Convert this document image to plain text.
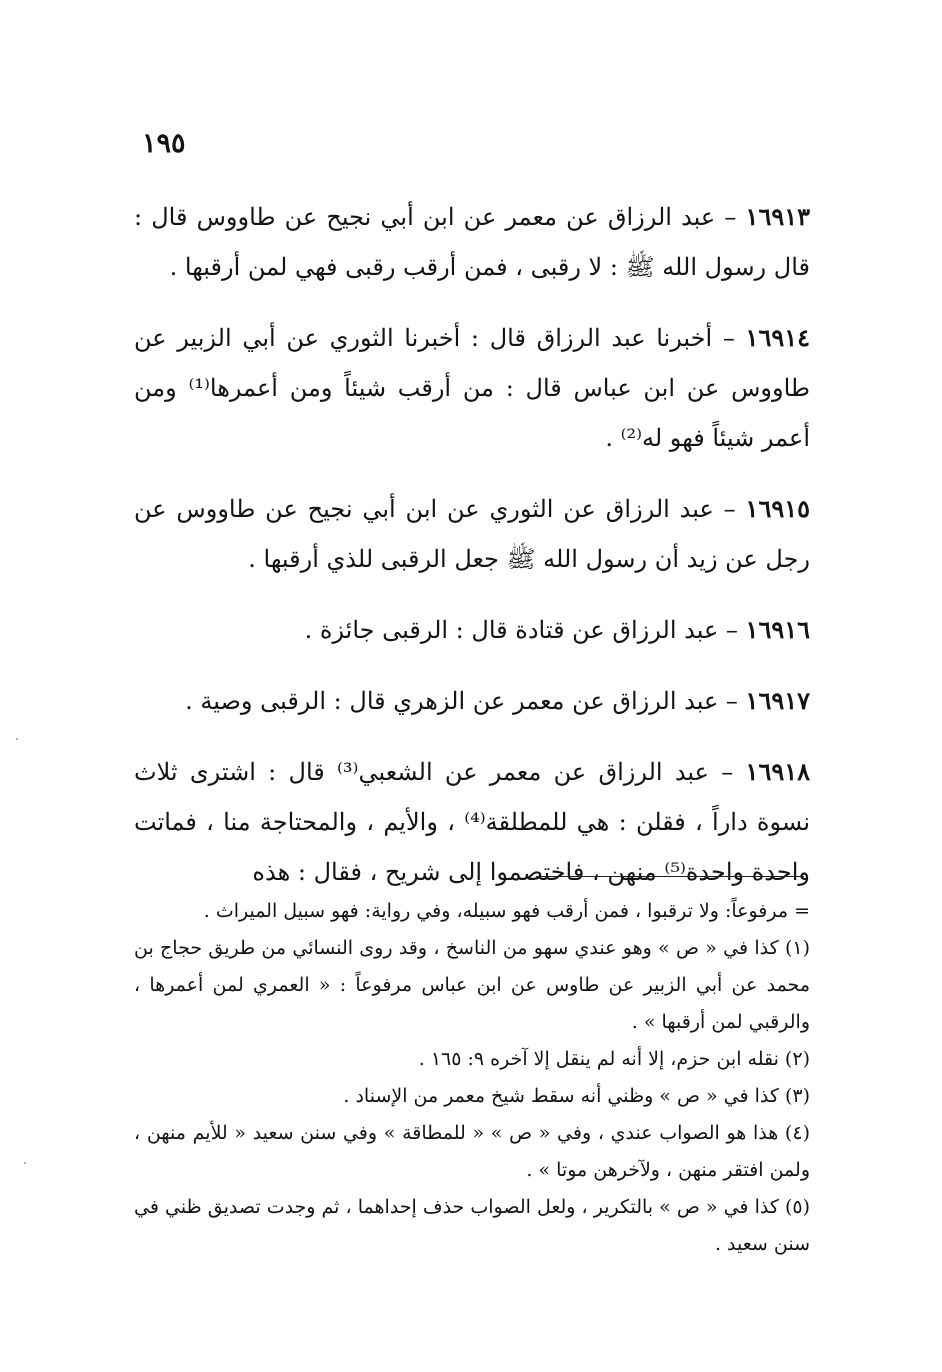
١٩٥

١٦٩١٣ – عبد الرزاق عن معمر عن ابن أبي نجيح عن طاووس قال : قال رسول الله ﷺ : لا رقبى ، فمن أرقب رقبى فهي لمن أرقبها .

١٦٩١٤ – أخبرنا عبد الرزاق قال : أخبرنا الثوري عن أبي الزبير عن طاووس عن ابن عباس قال : من أرقب شيئاً ومن أعمرها⁽¹⁾ ومن أعمر شيئاً فهو له⁽²⁾ .

١٦٩١٥ – عبد الرزاق عن الثوري عن ابن أبي نجيح عن طاووس عن رجل عن زيد أن رسول الله ﷺ جعل الرقبى للذي أرقبها .

١٦٩١٦ – عبد الرزاق عن قتادة قال : الرقبى جائزة .

١٦٩١٧ – عبد الرزاق عن معمر عن الزهري قال : الرقبى وصية .

١٦٩١٨ – عبد الرزاق عن معمر عن الشعبي⁽³⁾ قال : اشترى ثلاث نسوة داراً ، فقلن : هي للمطلقة⁽⁴⁾ ، والأيم ، والمحتاجة منا ، فماتت واحدة واحدة⁽⁵⁾ منهن ، فاختصموا إلى شريح ، فقال : هذه

= مرفوعاً: ولا ترقبوا ، فمن أرقب فهو سبيله، وفي رواية: فهو سبيل الميراث .

(١) كذا في « ص » وهو عندي سهو من الناسخ ، وقد روى النسائي من طريق حجاج بن محمد عن أبي الزبير عن طاوس عن ابن عباس مرفوعاً : « العمري لمن أعمرها ، والرقبي لمن أرقبها » .

(٢) نقله ابن حزم، إلا أنه لم ينقل إلا آخره ٩: ١٦٥ .

(٣) كذا في « ص » وظني أنه سقط شيخ معمر من الإسناد .

(٤) هذا هو الصواب عندي ، وفي « ص » « للمطاقة » وفي سنن سعيد « للأيم منهن ، ولمن افتقر منهن ، ولآخرهن موتا » .

(٥) كذا في « ص » بالتكرير ، ولعل الصواب حذف إحداهما ، ثم وجدت تصديق ظني في سنن سعيد .
